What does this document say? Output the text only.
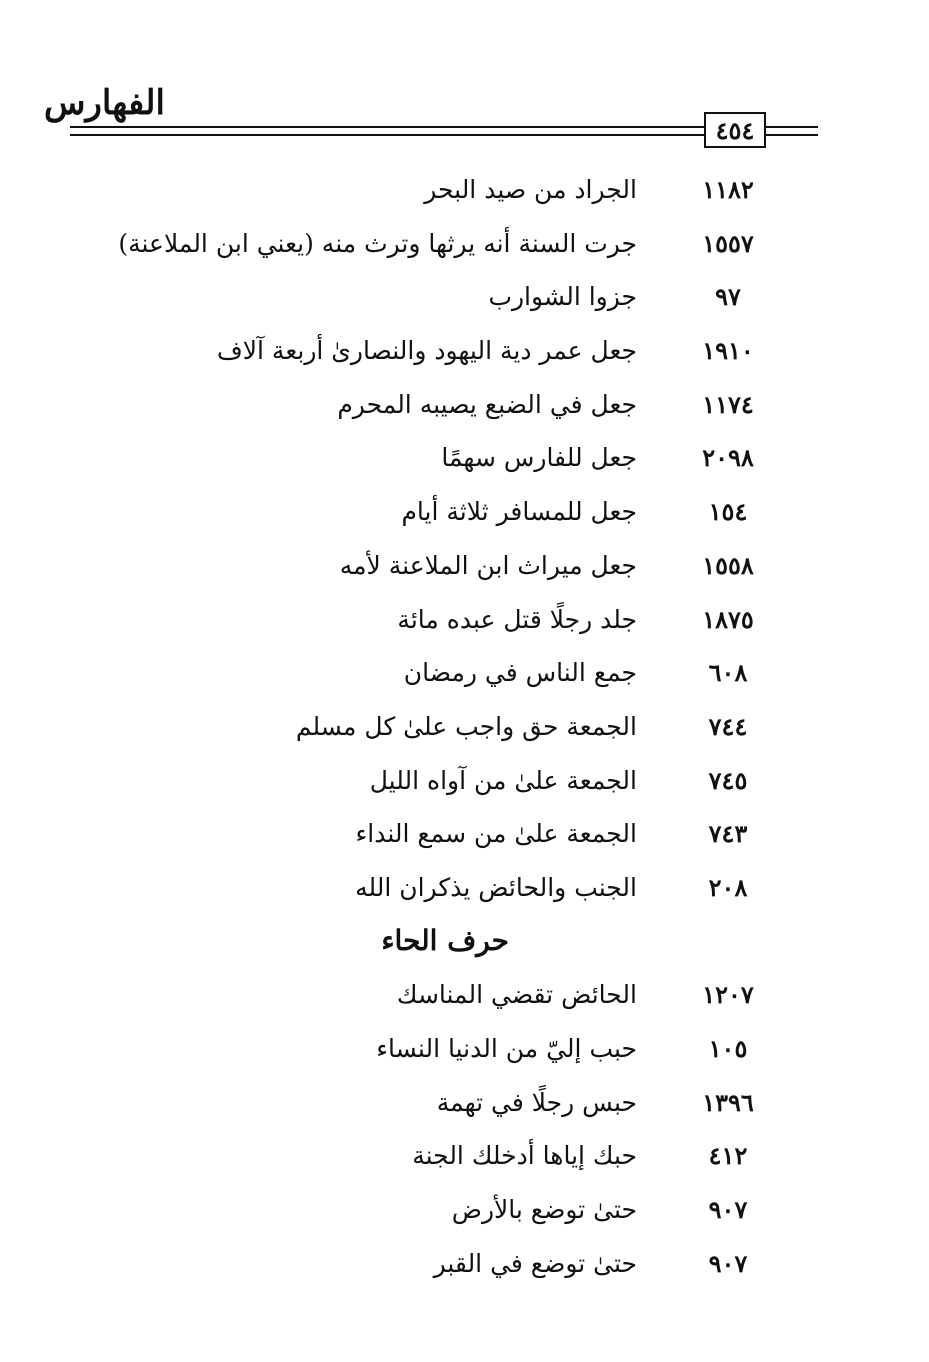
الفهارس
٤٥٤
الجراد من صيد البحر	١١٨٢
جرت السنة أنه يرثها وترث منه (يعني ابن الملاعنة)	١٥٥٧
جزوا الشوارب	٩٧
جعل عمر دية اليهود والنصارىٰ أربعة آلاف	١٩١٠
جعل في الضبع يصيبه المحرم	١١٧٤
جعل للفارس سهمًا	٢٠٩٨
جعل للمسافر ثلاثة أيام	١٥٤
جعل ميراث ابن الملاعنة لأمه	١٥٥٨
جلد رجلًا قتل عبده مائة	١٨٧٥
جمع الناس في رمضان	٦٠٨
الجمعة حق واجب علىٰ كل مسلم	٧٤٤
الجمعة علىٰ من آواه الليل	٧٤٥
الجمعة علىٰ من سمع النداء	٧٤٣
الجنب والحائض يذكران الله	٢٠٨
حرف الحاء
الحائض تقضي المناسك	١٢٠٧
حبب إليّ من الدنيا النساء	١٠٥
حبس رجلًا في تهمة	١٣٩٦
حبك إياها أدخلك الجنة	٤١٢
حتىٰ توضع بالأرض	٩٠٧
حتىٰ توضع في القبر	٩٠٧
